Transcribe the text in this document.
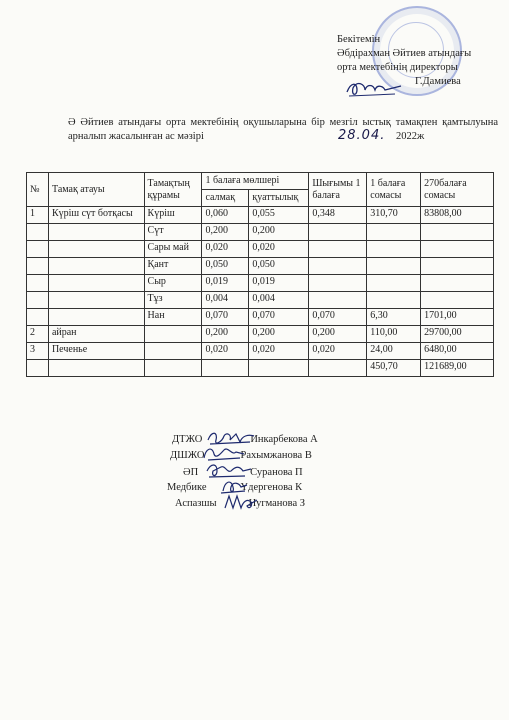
Бекітемін
Әбдірахман Әйтиев атындағы
орта мектебінің директоры
Г.Дамиева
Ә Әйтиев атындағы орта мектебінің оқушыларына бір мезгіл ыстық тамақпен қамтылуына арналып жасалынған ас мәзірі	28.04. 2022ж
№	Тамақ атауы	Тамақтың құрамы	1 балаға мөлшері		Шығымы 1 балаға	1 балаға сомасы	270балаға сомасы
			салмақ	қуаттылық			
1	Күріш сүт ботқасы	Күріш	0,060	0,055	0,348	310,70	83808,00
		Сүт	0,200	0,200			
		Сары май	0,020	0,020			
		Қант	0,050	0,050			
		Сыр	0,019	0,019			
		Тұз	0,004	0,004			
		Нан	0,070	0,070	0,070	6,30	1701,00
2	айран		0,200	0,200	0,200	110,00	29700,00
3	Печенье		0,020	0,020	0,020	24,00	6480,00
						450,70	121689,00
ДТЖО	Инкарбекова А
ДШЖО	Рахымжанова В
ӘП	Суранова П
Медбике	Үдергенова К
Аспазшы	Нугманова З
